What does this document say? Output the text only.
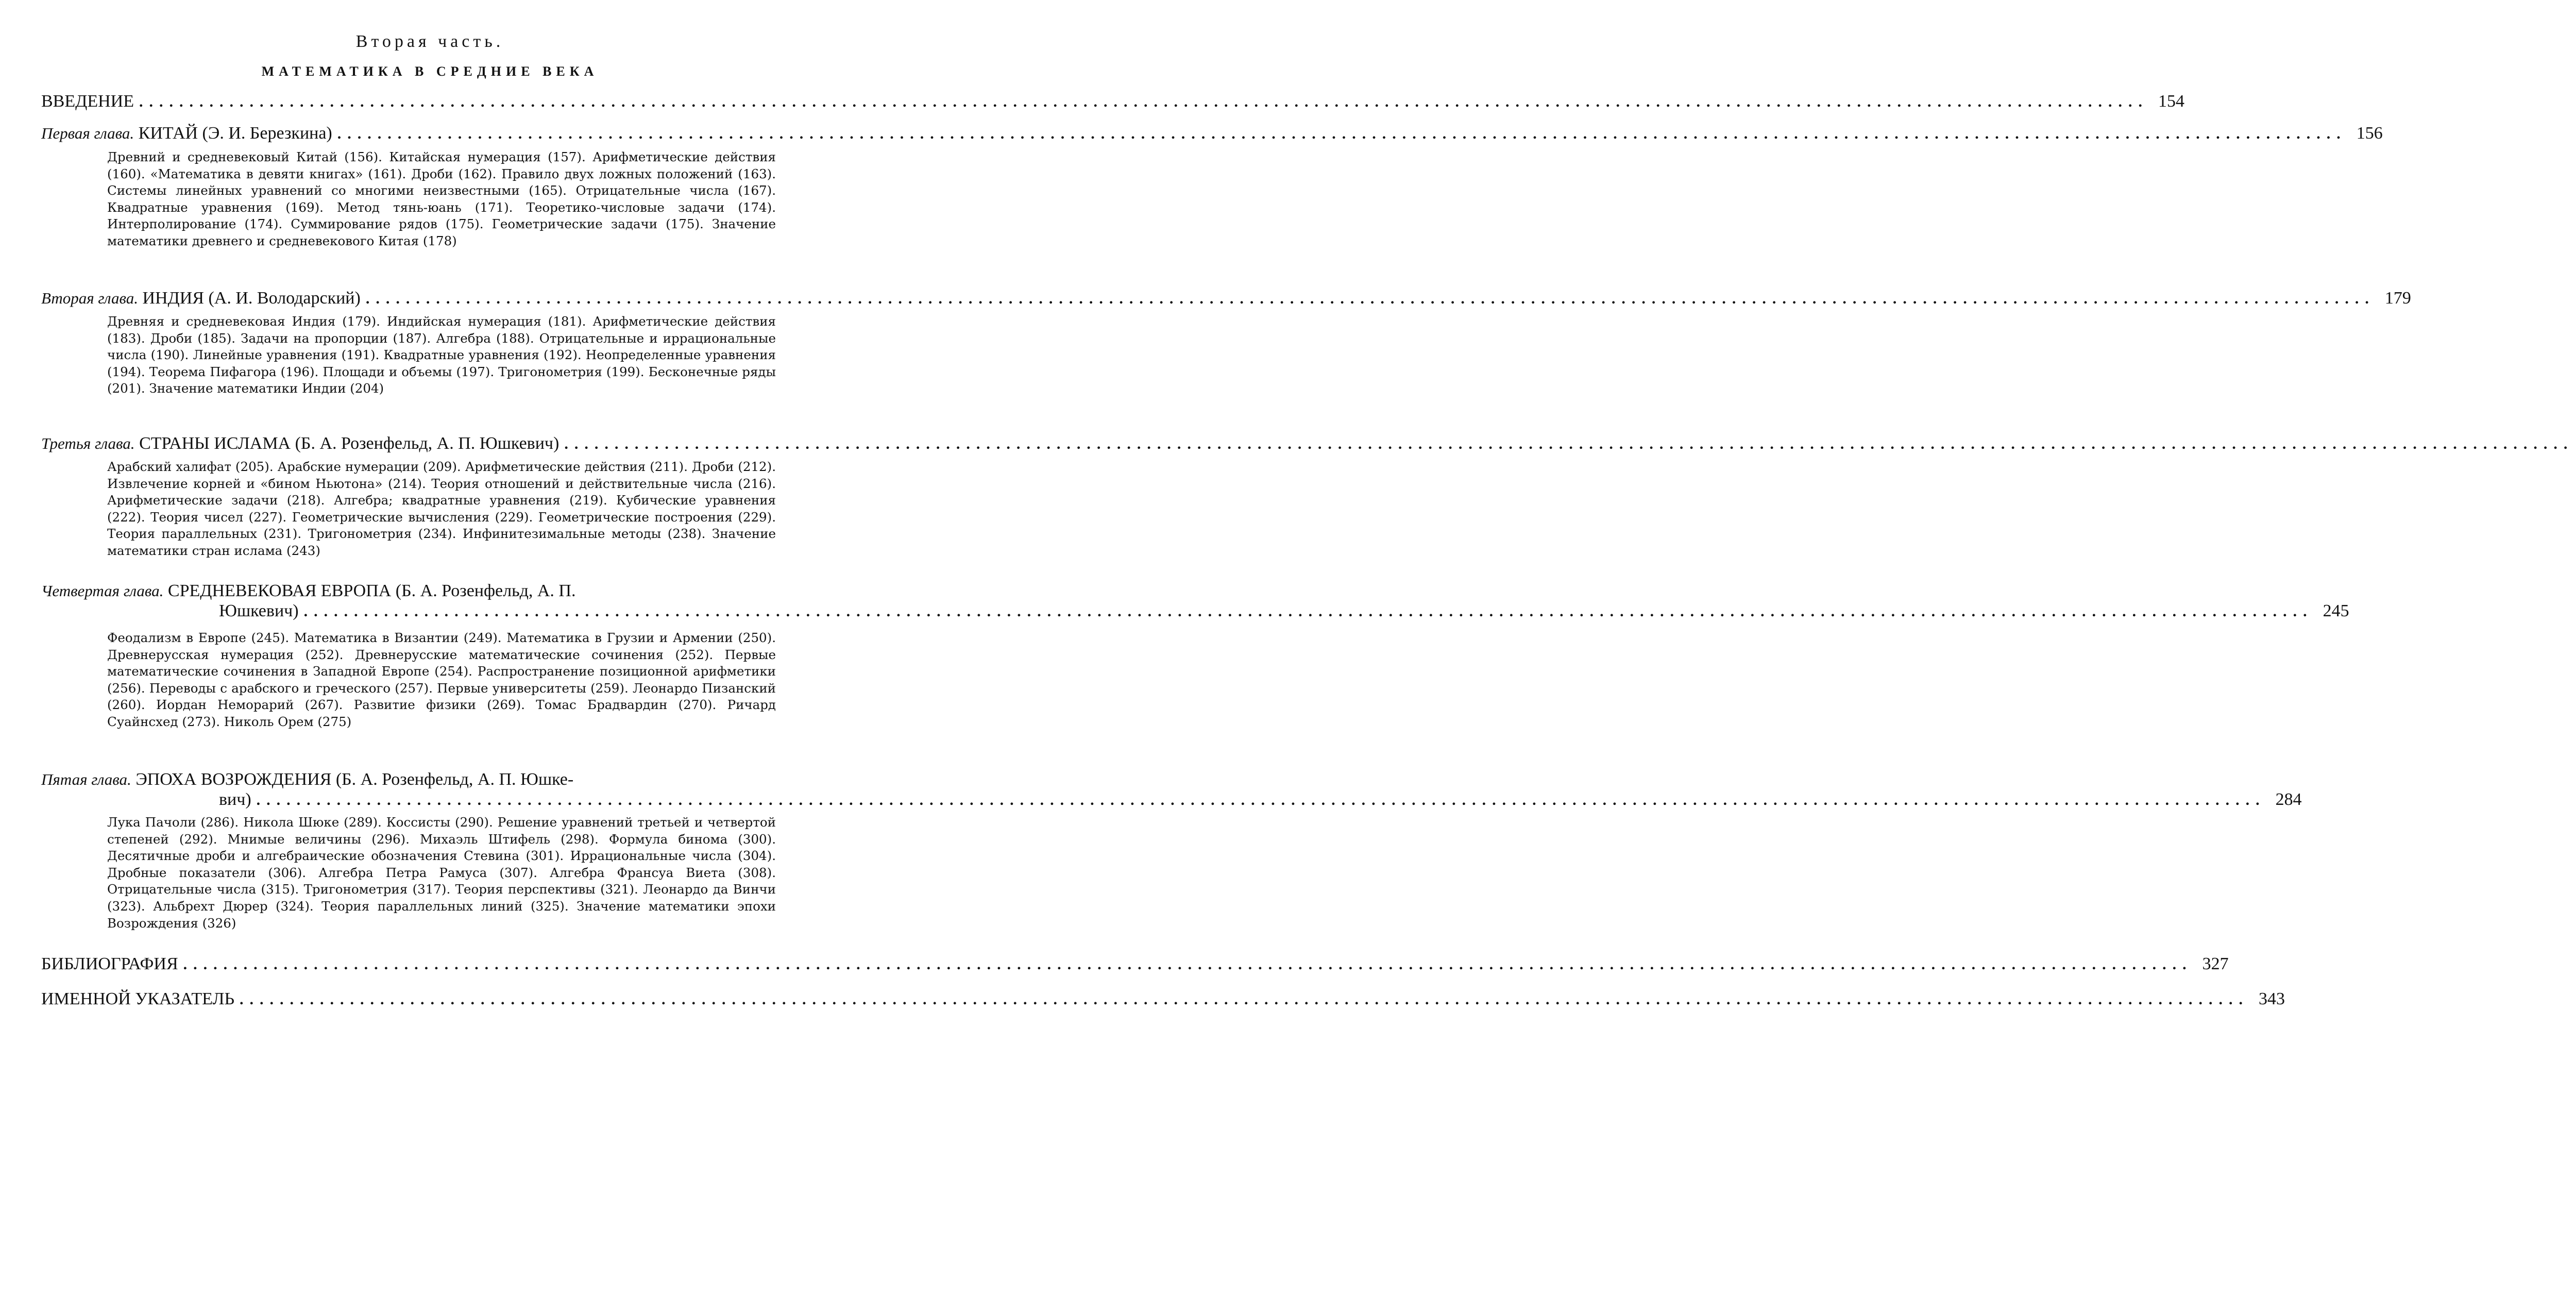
Вторая часть.
МАТЕМАТИКА В СРЕДНИЕ ВЕКА
ВВЕДЕНИЕ ........................................................................................................................................................................................................ 154
Первая глава. КИТАЙ (Э. И. Березкина) ........................................................................................................................................................................................................ 156
Древний и средневековый Китай (156). Китайская нумерация (157). Арифметические действия (160). «Математика в девяти книгах» (161). Дроби (162). Правило двух ложных положений (163). Системы линейных уравнений со многими неизвестными (165). Отрицательные числа (167). Квадратные уравнения (169). Метод тянь-юань (171). Теоретико-числовые задачи (174). Интерполирование (174). Суммирование рядов (175). Геометрические задачи (175). Значение математики древнего и средневекового Китая (178)
Вторая глава. ИНДИЯ (А. И. Володарский) ........................................................................................................................................................................................................ 179
Древняя и средневековая Индия (179). Индийская нумерация (181). Арифметические действия (183). Дроби (185). Задачи на пропорции (187). Алгебра (188). Отрицательные и иррациональные числа (190). Линейные уравнения (191). Квадратные уравнения (192). Неопределенные уравнения (194). Теорема Пифагора (196). Площади и объемы (197). Тригонометрия (199). Бесконечные ряды (201). Значение математики Индии (204)
Третья глава. СТРАНЫ ИСЛАМА (Б. А. Розенфельд, А. П. Юшкевич) ........................................................................................................................................................................................................
Арабский халифат (205). Арабские нумерации (209). Арифметические действия (211). Дроби (212). Извлечение корней и «бином Ньютона» (214). Теория отношений и действительные числа (216). Арифметические задачи (218). Алгебра; квадратные уравнения (219). Кубические уравнения (222). Теория чисел (227). Геометрические вычисления (229). Геометрические построения (229). Теория параллельных (231). Тригонометрия (234). Инфинитезимальные методы (238). Значение математики стран ислама (243)
Четвертая глава. СРЕДНЕВЕКОВАЯ ЕВРОПА (Б. А. Розенфельд, А. П.
Юшкевич) ........................................................................................................................................................................................................ 245
Феодализм в Европе (245). Математика в Византии (249). Математика в Грузии и Армении (250). Древнерусская нумерация (252). Древнерусские математические сочинения (252). Первые математические сочинения в Западной Европе (254). Распространение позиционной арифметики (256). Переводы с арабского и греческого (257). Первые университеты (259). Леонардо Пизанский (260). Иордан Неморарий (267). Развитие физики (269). Томас Брадвардин (270). Ричард Суайнсхед (273). Николь Орем (275)
Пятая глава. ЭПОХА ВОЗРОЖДЕНИЯ (Б. А. Розенфельд, А. П. Юшке-
вич) ........................................................................................................................................................................................................ 284
Лука Пачоли (286). Никола Шюке (289). Коссисты (290). Решение уравнений третьей и четвертой степеней (292). Мнимые величины (296). Михаэль Штифель (298). Формула бинома (300). Десятичные дроби и алгебраические обозначения Стевина (301). Иррациональные числа (304). Дробные показатели (306). Алгебра Петра Рамуса (307). Алгебра Франсуа Виета (308). Отрицательные числа (315). Тригонометрия (317). Теория перспективы (321). Леонардо да Винчи (323). Альбрехт Дюрер (324). Теория параллельных линий (325). Значение математики эпохи Возрождения (326)
БИБЛИОГРАФИЯ ........................................................................................................................................................................................................ 327
ИМЕННОЙ УКАЗАТЕЛЬ ........................................................................................................................................................................................................ 343
